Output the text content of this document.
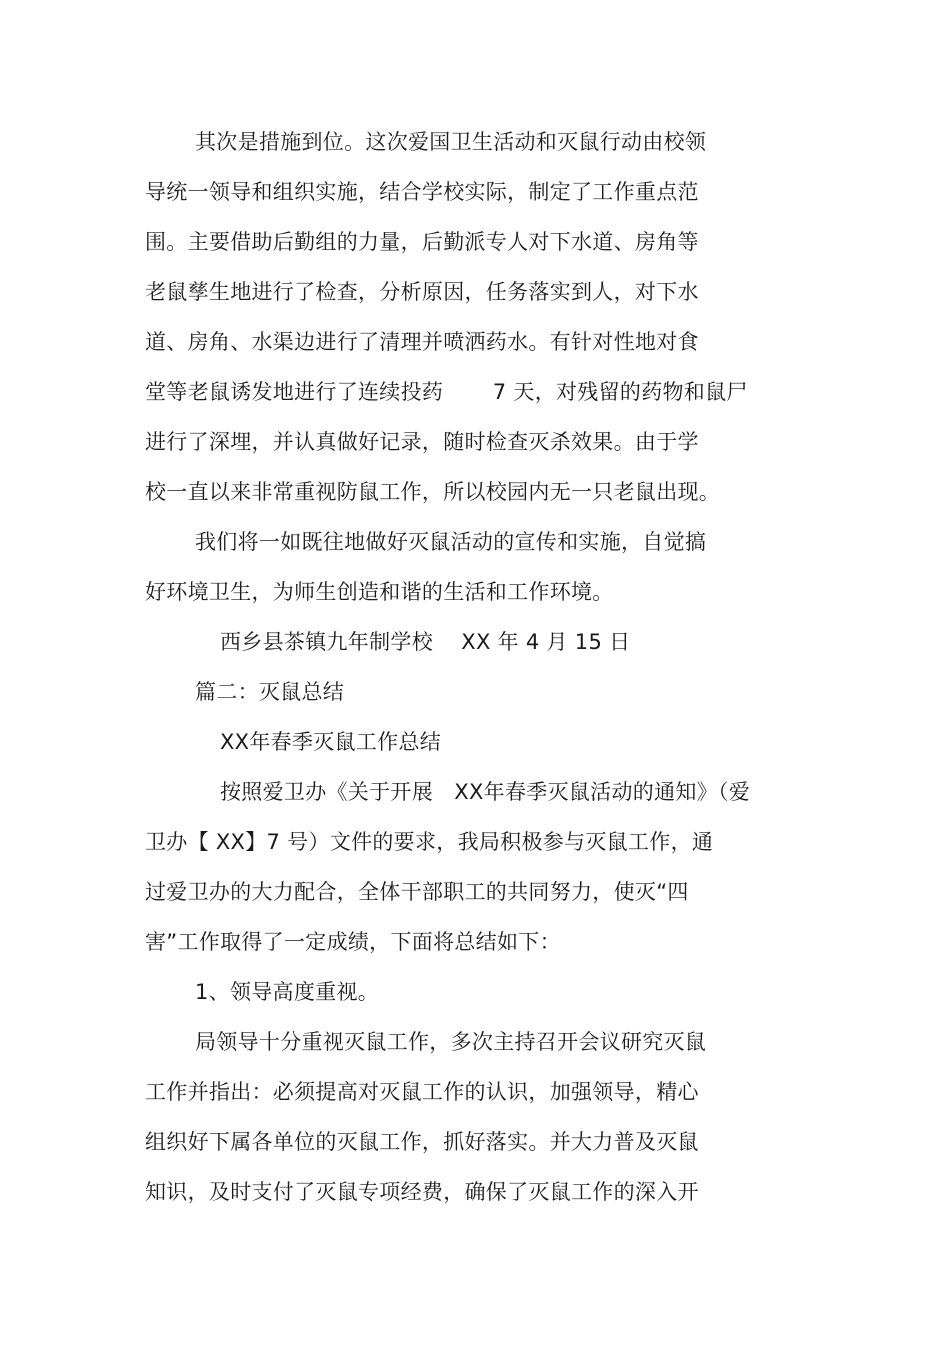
其次是措施到位。这次爱国卫生活动和灭鼠行动由校领
导统一领导和组织实施，结合学校实际，制定了工作重点范
围。主要借助后勤组的力量，后勤派专人对下水道、房角等
老鼠孳生地进行了检查，分析原因，任务落实到人，对下水
道、房角、水渠边进行了清理并喷洒药水。有针对性地对食
堂等老鼠诱发地进行了连续投药　　 7 天，对残留的药物和鼠尸
进行了深埋，并认真做好记录，随时检查灭杀效果。由于学
校一直以来非常重视防鼠工作，所以校园内无一只老鼠出现。
我们将一如既往地做好灭鼠活动的宣传和实施，自觉搞
好环境卫生，为师生创造和谐的生活和工作环境。
西乡县茶镇九年制学校　 XX 年 4 月 15 日
篇二：灭鼠总结
XX年春季灭鼠工作总结
按照爱卫办《关于开展　XX年春季灭鼠活动的通知》（爱
卫办【 XX】7 号）文件的要求，我局积极参与灭鼠工作，通
过爱卫办的大力配合，全体干部职工的共同努力，使灭“四
害”工作取得了一定成绩，下面将总结如下：
1、领导高度重视。
局领导十分重视灭鼠工作，多次主持召开会议研究灭鼠
工作并指出：必须提高对灭鼠工作的认识，加强领导，精心
组织好下属各单位的灭鼠工作，抓好落实。并大力普及灭鼠
知识，及时支付了灭鼠专项经费，确保了灭鼠工作的深入开
